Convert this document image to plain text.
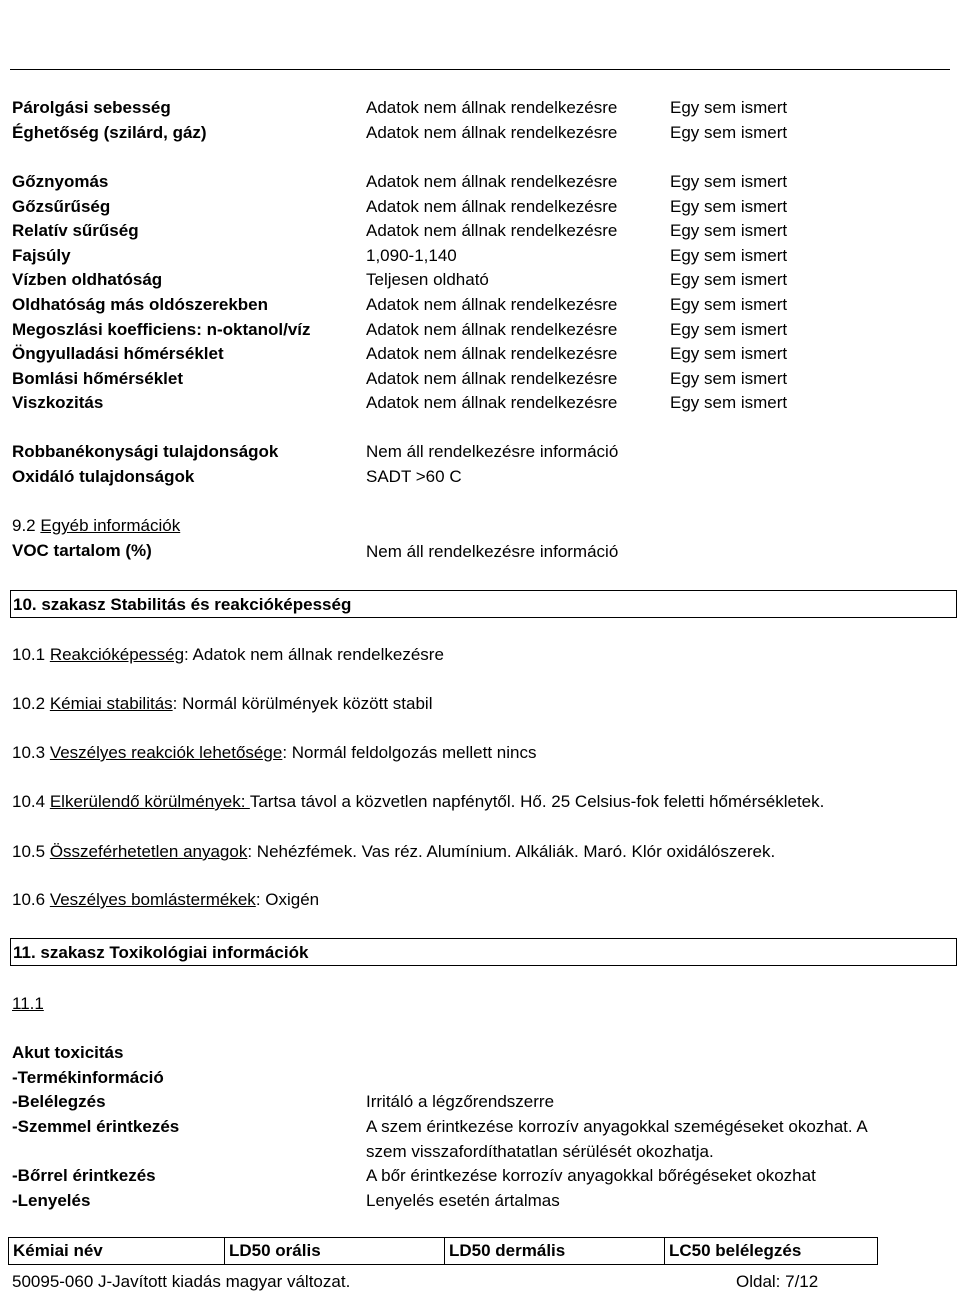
Biztonsági adatlap
Rapicide PA A rész
Felülvizsgálat dátuma: 2014.01.14
Párolgási sebesség	Adatok nem állnak rendelkezésre	Egy sem ismert
Éghetőség (szilárd, gáz)	Adatok nem állnak rendelkezésre	Egy sem ismert
Gőznyomás	Adatok nem állnak rendelkezésre	Egy sem ismert
Gőzsűrűség	Adatok nem állnak rendelkezésre	Egy sem ismert
Relatív sűrűség	Adatok nem állnak rendelkezésre	Egy sem ismert
Fajsúly	1,090-1,140	Egy sem ismert
Vízben oldhatóság	Teljesen oldható	Egy sem ismert
Oldhatóság más oldószerekben	Adatok nem állnak rendelkezésre	Egy sem ismert
Megoszlási koefficiens: n-oktanol/víz	Adatok nem állnak rendelkezésre	Egy sem ismert
Öngyulladási hőmérséklet	Adatok nem állnak rendelkezésre	Egy sem ismert
Bomlási hőmérséklet	Adatok nem állnak rendelkezésre	Egy sem ismert
Viszkozitás	Adatok nem állnak rendelkezésre	Egy sem ismert
Robbanékonysági tulajdonságok	Nem áll rendelkezésre információ
Oxidáló tulajdonságok	SADT >60 C
9.2 Egyéb információk
VOC tartalom (%)	Nem áll rendelkezésre információ
10. szakasz Stabilitás és reakcióképesség
10.1 Reakcióképesség: Adatok nem állnak rendelkezésre
10.2 Kémiai stabilitás: Normál körülmények között stabil
10.3 Veszélyes reakciók lehetősége: Normál feldolgozás mellett nincs
10.4 Elkerülendő körülmények: Tartsa távol a közvetlen napfénytől. Hő. 25 Celsius-fok feletti hőmérsékletek.
10.5 Összeférhetetlen anyagok: Nehézfémek. Vas réz. Alumínium. Alkáliák. Maró. Klór oxidálószerek.
10.6 Veszélyes bomlástermékek: Oxigén
11. szakasz Toxikológiai információk
11.1
Akut toxicitás
-Termékinformáció
-Belélegzés	Irritáló a légzőrendszerre
-Szemmel érintkezés	A szem érintkezése korrozív anyagokkal szemégéseket okozhat. A
szem visszafordíthatatlan sérülését okozhatja.
-Bőrrel érintkezés	A bőr érintkezése korrozív anyagokkal bőrégéseket okozhat
-Lenyelés	Lenyelés esetén ártalmas
Kémiai név	LD50 orális	LD50 dermális	LC50 belélegzés
50095-060 J-Javított kiadás magyar változat.	Oldal: 7/12
